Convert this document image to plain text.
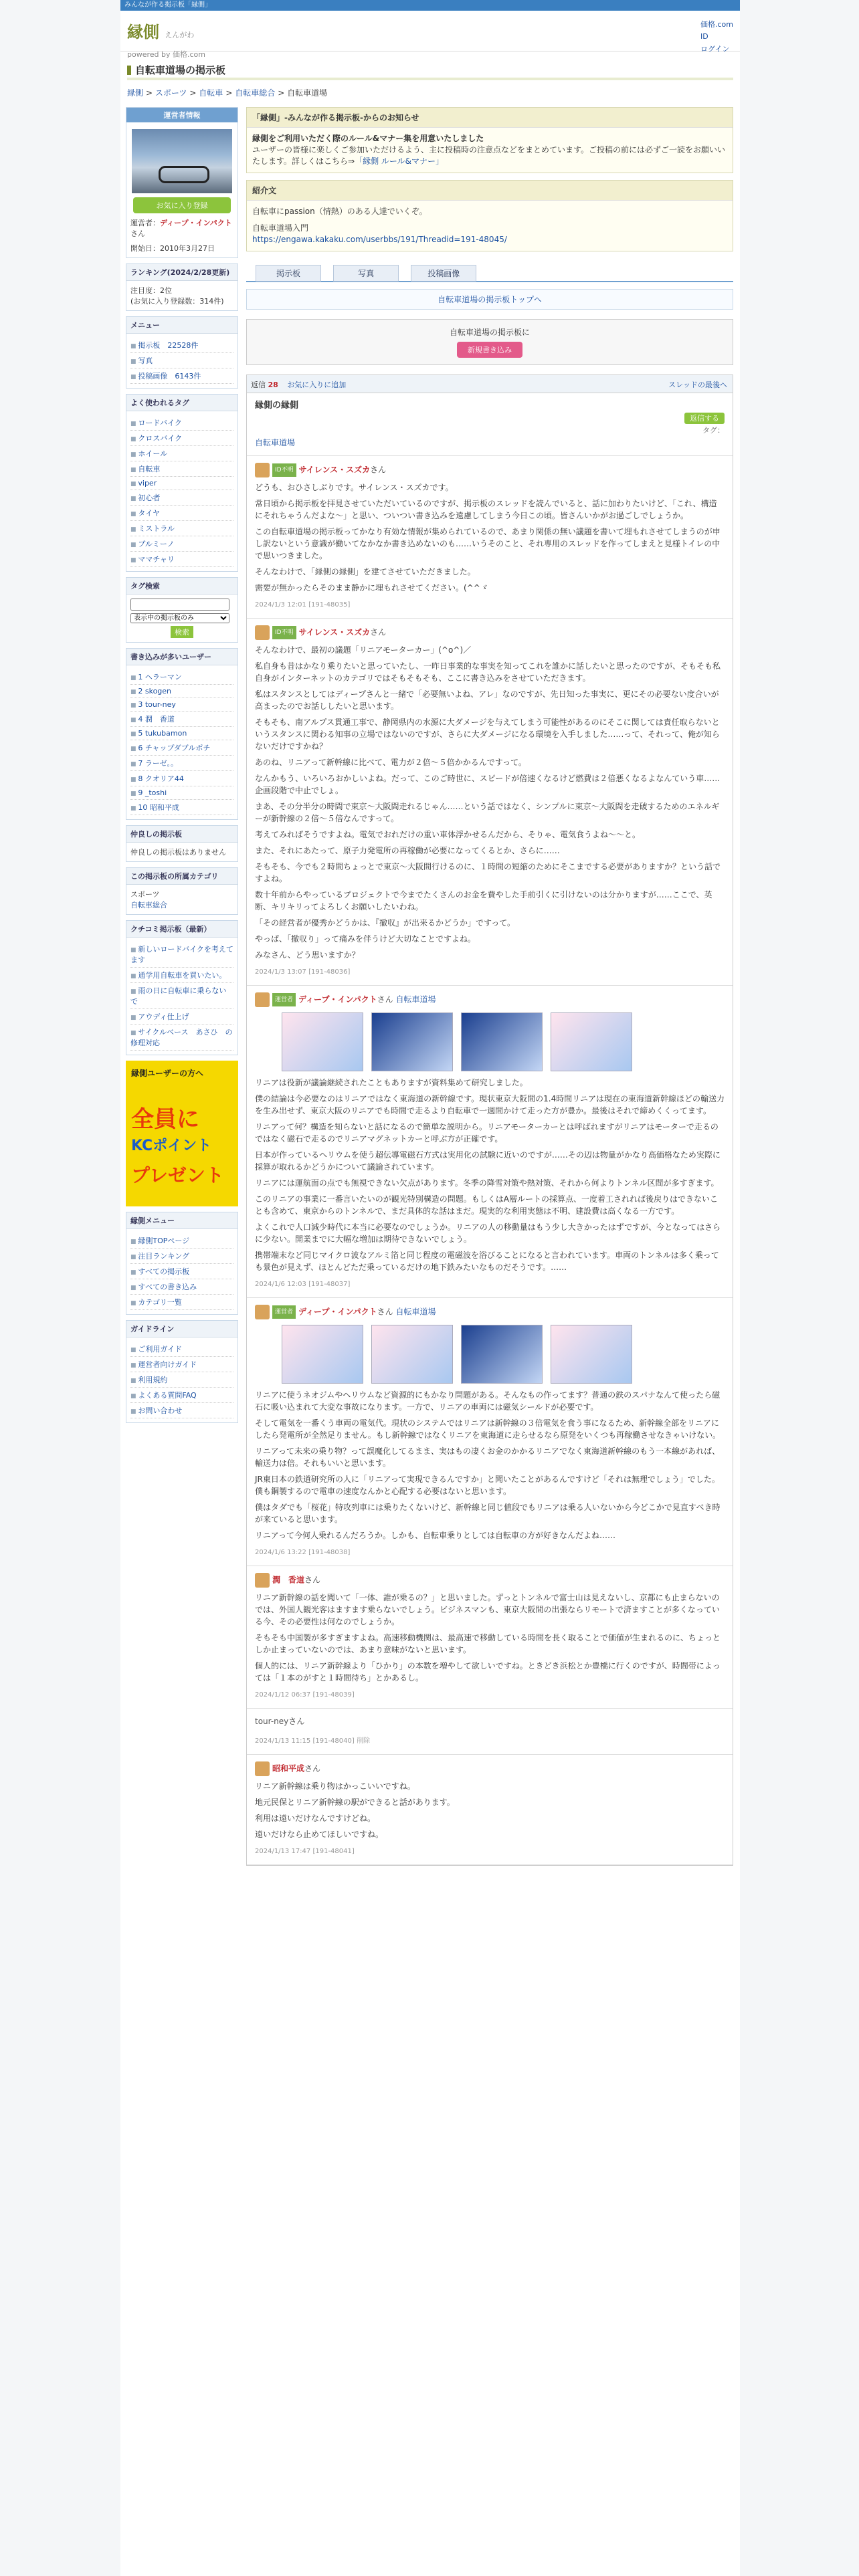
みんなが作る掲示板「縁側」
縁側 えんがわ
powered by 価格.com
価格.com
ID
ログイン
自転車道場の掲示板
縁側 > スポーツ > 自転車 > 自転車総合 > 自転車道場
運営者情報
お気に入り登録
運営者：ディープ・インパクトさん
開始日：2010年3月27日
ランキング(2024/2/28更新)
注目度：2位
(お気に入り登録数：314件)
メニュー
■ 掲示板　22528件
■ 写真
■ 投稿画像　6143件
よく使われるタグ
■ ロードバイク
■ クロスバイク
■ ホイール
■ 自転車
■ viper
■ 初心者
■ タイヤ
■ ミストラル
■ ブルミーノ
■ ママチャリ
タグ検索

表示中の掲示板のみ
検索
書き込みが多いユーザー
■ 1 ヘラーマン
■ 2 skogen
■ 3 tour-ney
■ 4 潤　香道
■ 5 tukubamon
■ 6 チャップダブルポチ
■ 7 ラーゼ。。
■ 8 クオリア44
■ 9 _toshi
■ 10 昭和平成
仲良しの掲示板
仲良しの掲示板はありません
この掲示板の所属カテゴリ
スポーツ
自転車総合
クチコミ掲示板（最新）
■ 新しいロードバイクを考えてます
■ 通学用自転車を買いたい。
■ 雨の日に自転車に乗らないで
■ アウディ仕上げ
■ サイクルベース　あさひ　の修理対応
縁側ユーザーの方へ
全員に
KCポイント
プレゼント
縁側メニュー
■ 縁側TOPページ
■ 注目ランキング
■ すべての掲示板
■ すべての書き込み
■ カテゴリ一覧
ガイドライン
■ ご利用ガイド
■ 運営者向けガイド
■ 利用規約
■ よくある質問FAQ
■ お問い合わせ
「縁側」-みんなが作る掲示板-からのお知らせ
縁側をご利用いただく際のルール&マナー集を用意いたしました
ユーザーの皆様に楽しくご参加いただけるよう、主に投稿時の注意点などをまとめています。ご投稿の前には必ずご一読をお願いいたします。詳しくはこちら⇒「縁側 ルール&マナー」
紹介文
自転車にpassion（情熱）のある人達でいくぞ。
自転車道場入門
https://engawa.kakaku.com/userbbs/191/Threadid=191-48045/
掲示板	写真	投稿画像
自転車道場の掲示板トップへ
自転車道場の掲示板に
新規書き込み
返信 28 お気に入りに追加	スレッドの最後へ
縁側の縁側
返信する
タグ：
自転車道場
ID不明 サイレンス・スズカさん

どうも、おひさしぶりです。サイレンス・スズカです。

常日頃から掲示板を拝見させていただいているのですが、掲示板のスレッドを読んでいると、話に加わりたいけど、「これ、構造にそれちゃうんだよな～」と思い、ついつい書き込みを遠慮してしまう今日この頃。皆さんいかがお過ごしでしょうか。

この自転車道場の掲示板ってかなり有効な情報が集められているので、あまり関係の無い議題を書いて埋もれさせてしまうのが申し訳ないという意識が働いてなかなか書き込めないのも……いうそのこと、それ専用のスレッドを作ってしまえと見様トイレの中で思いつきました。

そんなわけで、「縁側の縁側」を建てさせていただきました。

需要が無かったらそのまま静かに埋もれさせてください。(^^ゞ

2024/1/3 12:01 [191-48035]
ID不明 サイレンス・スズカさん

そんなわけで、最初の議題「リニアモーターカー」(^o^)／

私自身も昔はかなり乗りたいと思っていたし、一昨日事業的な事実を知ってこれを誰かに話したいと思ったのですが、そもそも私自身がインターネットのカテゴリではそもそもそも、ここに書き込みをさせていただきます。

私はスタンスとしてはディープさんと一緒で「必要無いよね、アレ」なのですが、先日知った事実に、更にその必要ない度合いが高まったのでお話ししたいと思います。

そもそも、南アルプス貫通工事で、静岡県内の水源に大ダメージを与えてしまう可能性があるのにそこに関しては責任取らないというスタンスに関わる知事の立場ではないのですが、さらに大ダメージになる環境を入手しました……って、それって、俺が知らないだけですかね？

あのね、リニアって新幹線に比べて、電力が２倍～５倍かかるんですって。

なんかもう、いろいろおかしいよね。だって、このご時世に、スピードが倍速くなるけど燃費は２倍悪くなるよなんていう車……企画段階で中止でしょ。

まあ、その分半分の時間で東京～大阪間走れるじゃん……という話ではなく、シンプルに東京～大阪間を走破するためのエネルギーが新幹線の２倍～５倍なんですって。

考えてみればそうですよね。電気でおれだけの重い車体浮かせるんだから、そりゃ、電気食うよね～～と。

また、それにあたって、原子力発電所の再稼働が必要になってくるとか、さらに……

そもそも、今でも２時間ちょっとで東京～大阪間行けるのに、１時間の短縮のためにそこまでする必要がありますか？という話ですよね。

数十年前からやっているプロジェクトで今までたくさんのお金を費やした手前引くに引けないのは分かりますが……ここで、英断、キリキリってよろしくお願いしたいわね。

「その経営者が優秀かどうかは、『撤収』が出来るかどうか」ですって。

やっぱ、「撤収り」って痛みを伴うけど大切なことですよね。

みなさん、どう思いますか？

2024/1/3 13:07 [191-48036]
運営者 ディープ・インパクトさん 自転車道場

リニアは役新が議論継続されたこともありますが資料集めて研究しました。

僕の結論は今必要なのはリニアではなく東海道の新幹線です。現状東京大阪間の1.4時間リニアは現在の東海道新幹線ほどの輸送力を生み出せず、東京大阪のリニアでも時間で走るより自転車で一週間かけて走った方が豊か。最後はそれで締めくくってます。

リニアって何？構造を知らないと話になるので簡単な説明から。リニアモーターカーとは呼ばれますがリニアはモーターで走るのではなく磁石で走るのでリニアマグネットカーと呼ぶ方が正確です。

日本が作っているヘリウムを使う超伝導電磁石方式は実用化の試験に近いのですが……その辺は物量がかなり高価格なため実際に採算が取れるかどうかについて議論されています。

リニアには運航面の点でも無視できない欠点があります。冬季の降雪対策や熱対策、それから何よりトンネル区間が多すぎます。

このリニアの事業に一番言いたいのが観光特別構造の問題。もしくはA層ルートの採算点、一度着工されれば後戻りはできないことも含めて、東京からのトンネルで、まだ具体的な話はまだ。現実的な利用実態は不明、建設費は高くなる一方です。

よくこれで人口減少時代に本当に必要なのでしょうか。リニアの人の移動量はもう少し大きかったはずですが、今となってはさらに少ない。開業までに大幅な増加は期待できないでしょう。

携帯端末など同じマイクロ波なアルミ箔と同じ程度の電磁波を浴びることになると言われています。車両のトンネルは多く乗っても景色が見えず、ほとんどただ乗っているだけの地下鉄みたいなものだそうです。……

2024/1/6 12:03 [191-48037]
運営者 ディープ・インパクトさん 自転車道場

リニアに使うネオジムやヘリウムなど資源的にもかなり問題がある。そんなもの作ってます？普通の鉄のスパナなんて使ったら磁石に吸い込まれて大変な事故になります。一方で、リニアの車両には磁気シールドが必要です。

そして電気を一番くう車両の電気代。現状のシステムではリニアは新幹線の３倍電気を食う事になるため、新幹線全部をリニアにしたら発電所が全然足りません。もし新幹線ではなくリニアを東海道に走らせるなら原発をいくつも再稼働させなきゃいけない。

リニアって未来の乗り物？って誤魔化してるまま、実はもの凄くお金のかかるリニアでなく東海道新幹線のもう一本線があれば、輸送力は倍。それもいいと思います。

JR東日本の鉄道研究所の人に「リニアって実現できるんですか」と聞いたことがあるんですけど「それは無理でしょう」でした。僕も鋼製するので電車の速度なんかと心配する必要はないと思います。

僕はタダでも「桜花」特攻列車には乗りたくないけど、新幹線と同じ値段でもリニアは乗る人いないから今どこかで見直すべき時が来ていると思います。

リニアって今何人乗れるんだろうか。しかも、自転車乗りとしては自転車の方が好きなんだよね……

2024/1/6 13:22 [191-48038]
潤　香道さん

リニア新幹線の話を聞いて「一体、誰が乗るの？」と思いました。ずっとトンネルで富士山は見えないし、京都にも止まらないのでは、外国人観光客はますます乗らないでしょう。ビジネスマンも、東京大阪間の出張ならリモートで済ますことが多くなっている今、その必要性は何なのでしょうか。

そもそも中国製が多すぎますよね。高速移動機関は、最高速で移動している時間を長く取ることで価値が生まれるのに、ちょっとしか止まっていないのでは、あまり意味がないと思います。

個人的には、リニア新幹線より「ひかり」の本数を増やして欲しいですね。ときどき浜松とか豊橋に行くのですが、時間帯によっては「１本のがすと１時間待ち」とかあるし。

2024/1/12 06:37 [191-48039]
tour-neyさん
2024/1/13 11:15 [191-48040] 削除
昭和平成さん

リニア新幹線は乗り物はかっこいいですね。

地元民保とリニア新幹線の駅ができると話があります。

利用は遠いだけなんですけどね。

遠いだけなら止めてほしいですね。

2024/1/13 17:47 [191-48041]
